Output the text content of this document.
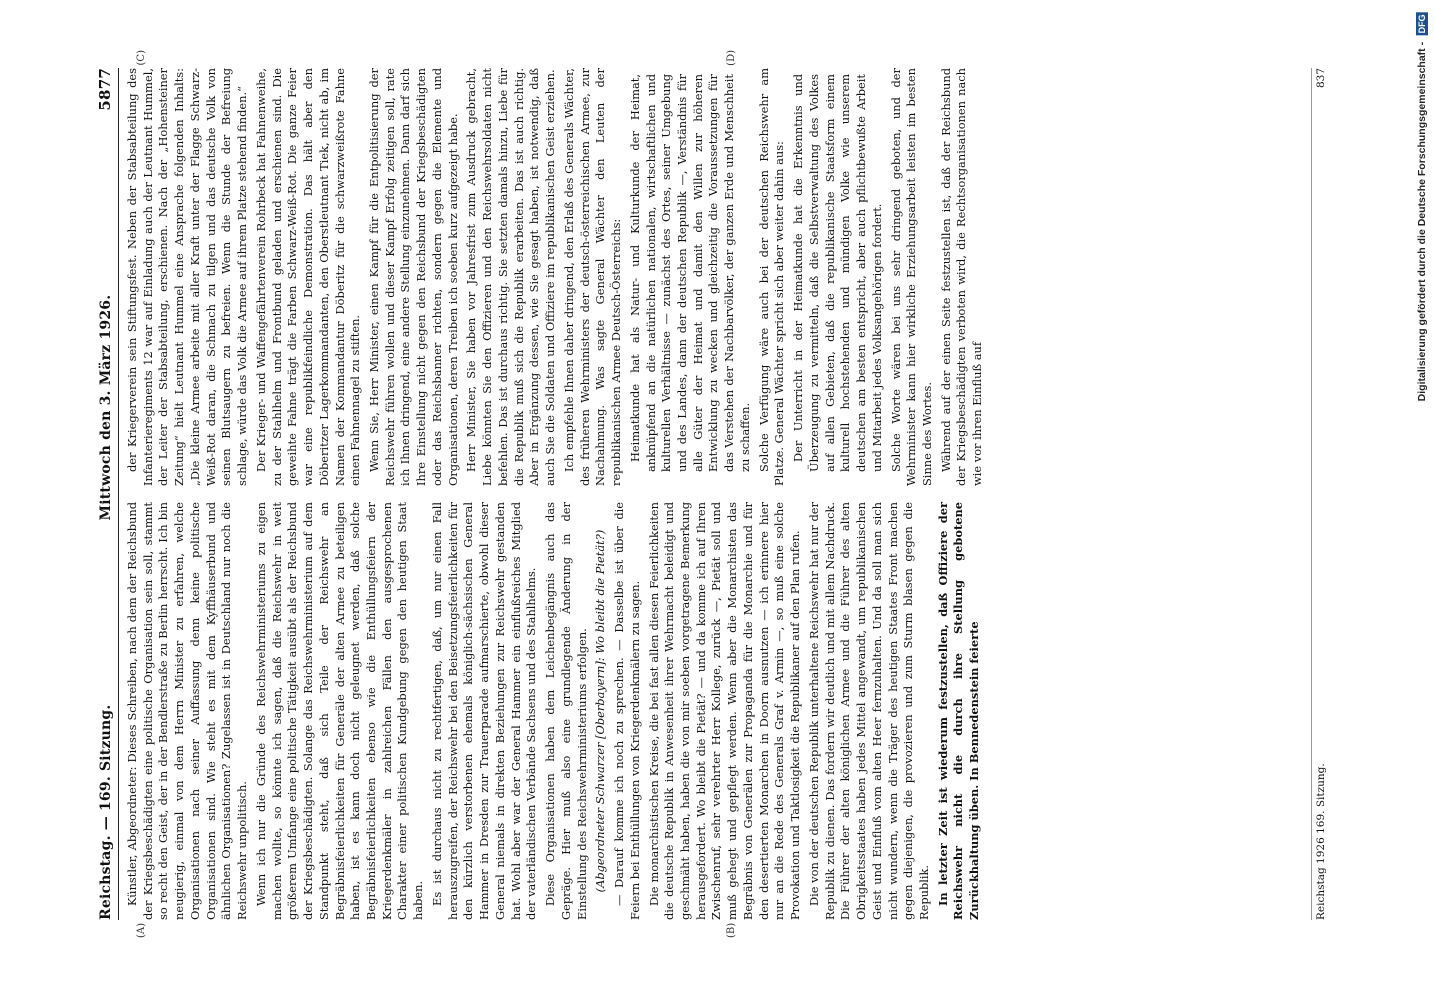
Reichstag. — 169. Sitzung.
Mittwoch den 3. März 1926.
5877
(A)	(B)

Künstler, Abgeordneter: Dieses Schreiben, nach dem der Reichsbund der Kriegsbeschädigten eine politische Organisation sein soll, stammt so recht den Geist, der in der Bendlerstraße zu Berlin herrscht. Ich bin neugierig, einmal von dem Herrn Minister zu erfahren, welche Organisationen nach seiner Auffassung denn keine politische Organisationen sind. Wie steht es mit dem Kyffhäuserbund und ähnlichen Organisationen? Zugelassen ist in Deutschland nur noch die Reichswehr unpolitisch. Wenn ich nur die Gründe des Reichswehrministeriums zu eigen machen wollte, so könnte ich sagen, daß die Reichswehr in weit größerem Umfange eine politische Tätigkeit ausübt als der Reichsbund der Kriegsbeschädigten. Solange das Reichswehrministerium auf dem Standpunkt steht, daß sich Teile der Reichswehr an Begräbnisfeierlichkeiten für Generäle der alten Armee zu beteiligen haben, ist es kann doch nicht geleugnet werden, daß solche Begräbnisfeierlichkeiten ebenso wie die Enthüllungsfeiern der Kriegerdenkmäler in zahlreichen Fällen den ausgesprochenen Charakter einer politischen Kundgebung gegen den heutigen Staat haben. Es ist durchaus nicht zu rechtfertigen, daß, um nur einen Fall herauszugreifen, der Reichswehr bei den Beisetzungsfeierlichkeiten für den kürzlich verstorbenen ehemals königlich-sächsischen General Hammer in Dresden zur Trauerparade aufmarschierte, obwohl dieser General niemals in direkten Beziehungen zur Reichswehr gestanden hat. Wohl aber war der General Hammer ein einflußreiches Mitglied der vaterländischen Verbände Sachsens und des Stahlhelms. Diese Organisationen haben dem Leichenbegängnis auch das Gepräge. Hier muß also eine grundlegende Änderung in der Einstellung des Reichswehrministeriums erfolgen. (Abgeordneter Schwarzer [Oberbayern]: Wo bleibt die Pietät?) — Darauf komme ich noch zu sprechen. — Dasselbe ist über die Feiern bei Enthüllungen von Kriegerdenkmälern zu sagen. Die monarchistischen Kreise, die bei fast allen diesen Feierlichkeiten die deutsche Republik in Anwesenheit ihrer Wehrmacht beleidigt und geschmäht haben, haben die von mir soeben vorgetragene Bemerkung herausgefordert. Wo bleibt die Pietät? — und da komme ich auf Ihren Zwischenruf, sehr verehrter Herr Kollege, zurück —, Pietät soll und muß gehegt und gepflegt werden. Wenn aber die Monarchisten das Begräbnis von Generälen zur Propaganda für die Monarchie und für den desertierten Monarchen in Doorn ausnutzen — ich erinnere hier nur an die Rede des Generals Graf v. Armin —, so muß eine solche Provokation und Taktlosigkeit die Republikaner auf den Plan rufen. Die von der deutschen Republik unterhaltene Reichswehr hat nur der Republik zu dienen. Das fordern wir deutlich und mit allem Nachdruck. Die Führer der alten königlichen Armee und die Führer des alten Obrigkeitsstaates haben jedes Mittel angewandt, um republikanischen Geist und Einfluß vom alten Heer fernzuhalten. Und da soll man sich nicht wundern, wenn die Träger des heutigen Staates Front machen gegen diejenigen, die provozieren und zum Sturm blasen gegen die Republik. In letzter Zeit ist wiederum festzustellen, daß Offiziere der Reichswehr nicht die durch ihre Stellung gebotene Zurückhaltung üben. In Bennedenstein feierte

(C)	(D)

der Kriegerverein sein Stiftungsfest. Neben der Stabsabteilung des Infanterieregiments 12 war auf Einladung auch der Leutnant Hummel, der Leiter der Stabsabteilung, erschienen. Nach der „Hohensteiner Zeitung“ hielt Leutnant Hummel eine Ansprache folgenden Inhalts: „Die kleine Armee arbeite mit aller Kraft unter der Flagge Schwarz-Weiß-Rot daran, die Schmach zu tilgen und das deutsche Volk von seinen Blutsaugern zu befreien. Wenn die Stunde der Befreiung schlage, würde das Volk die Armee auf ihrem Platze stehend finden.“ Der Krieger- und Waffengefährtenverein Rohrbeck hat Fahnenweihe, zu der Stahlhelm und Frontbund geladen und erschienen sind. Die geweihte Fahne trägt die Farben Schwarz-Weiß-Rot. Die ganze Feier war eine republikfeindliche Demonstration. Das hält aber den Döberitzer Lagerkommandanten, den Oberstleutnant Tiek, nicht ab, im Namen der Kommandantur Döberitz für die schwarzweißrote Fahne einen Fahnennagel zu stiften. Wenn Sie, Herr Minister, einen Kampf für die Entpolitisierung der Reichswehr führen wollen und dieser Kampf Erfolg zeitigen soll, rate ich Ihnen dringend, eine andere Stellung einzunehmen. Dann darf sich Ihre Einstellung nicht gegen den Reichsbund der Kriegsbeschädigten oder das Reichsbanner richten, sondern gegen die Elemente und Organisationen, deren Treiben ich soeben kurz aufgezeigt habe. Herr Minister, Sie haben vor Jahresfrist zum Ausdruck gebracht, Liebe könnten Sie den Offizieren und den Reichswehrsoldaten nicht befehlen. Das ist durchaus richtig. Sie setzten damals hinzu, Liebe für die Republik muß sich die Republik erarbeiten. Das ist auch richtig. Aber in Ergänzung dessen, wie Sie gesagt haben, ist notwendig, daß auch Sie die Soldaten und Offiziere im republikanischen Geist erziehen. Ich empfehle Ihnen daher dringend, den Erlaß des Generals Wächter, des früheren Wehrministers der deutsch-österreichischen Armee, zur Nachahmung. Was sagte General Wächter den Leuten der republikanischen Armee Deutsch-Österreichs: Heimatkunde hat als Natur- und Kulturkunde der Heimat, anknüpfend an die natürlichen nationalen, wirtschaftlichen und kulturellen Verhältnisse — zunächst des Ortes, seiner Umgebung und des Landes, dann der deutschen Republik —, Verständnis für alle Güter der Heimat und damit den Willen zur höheren Entwicklung zu wecken und gleichzeitig die Voraussetzungen für das Verstehen der Nachbarvölker, der ganzen Erde und Menschheit zu schaffen. Solche Verfügung wäre auch bei der deutschen Reichswehr am Platze. General Wächter spricht sich aber weiter dahin aus: Der Unterricht in der Heimatkunde hat die Erkenntnis und Überzeugung zu vermitteln, daß die Selbstverwaltung des Volkes auf allen Gebieten, daß die republikanische Staatsform einem kulturell hochstehenden und mündigen Volke wie unserem deutschen am besten entspricht, aber auch pflichtbewußte Arbeit und Mitarbeit jedes Volksangehörigen fordert. Solche Worte wären bei uns sehr dringend geboten, und der Wehrminister kann hier wirkliche Erziehungsarbeit leisten im besten Sinne des Wortes. Während auf der einen Seite festzustellen ist, daß der Reichsbund der Kriegsbeschädigten verboten wird, die Rechtsorganisationen nach wie vor ihren Einfluß auf

Reichstag 1926 169. Sitzung.
837	Digitalisierung gefördert durch die Deutsche Forschungsgemeinschaft - DFG
